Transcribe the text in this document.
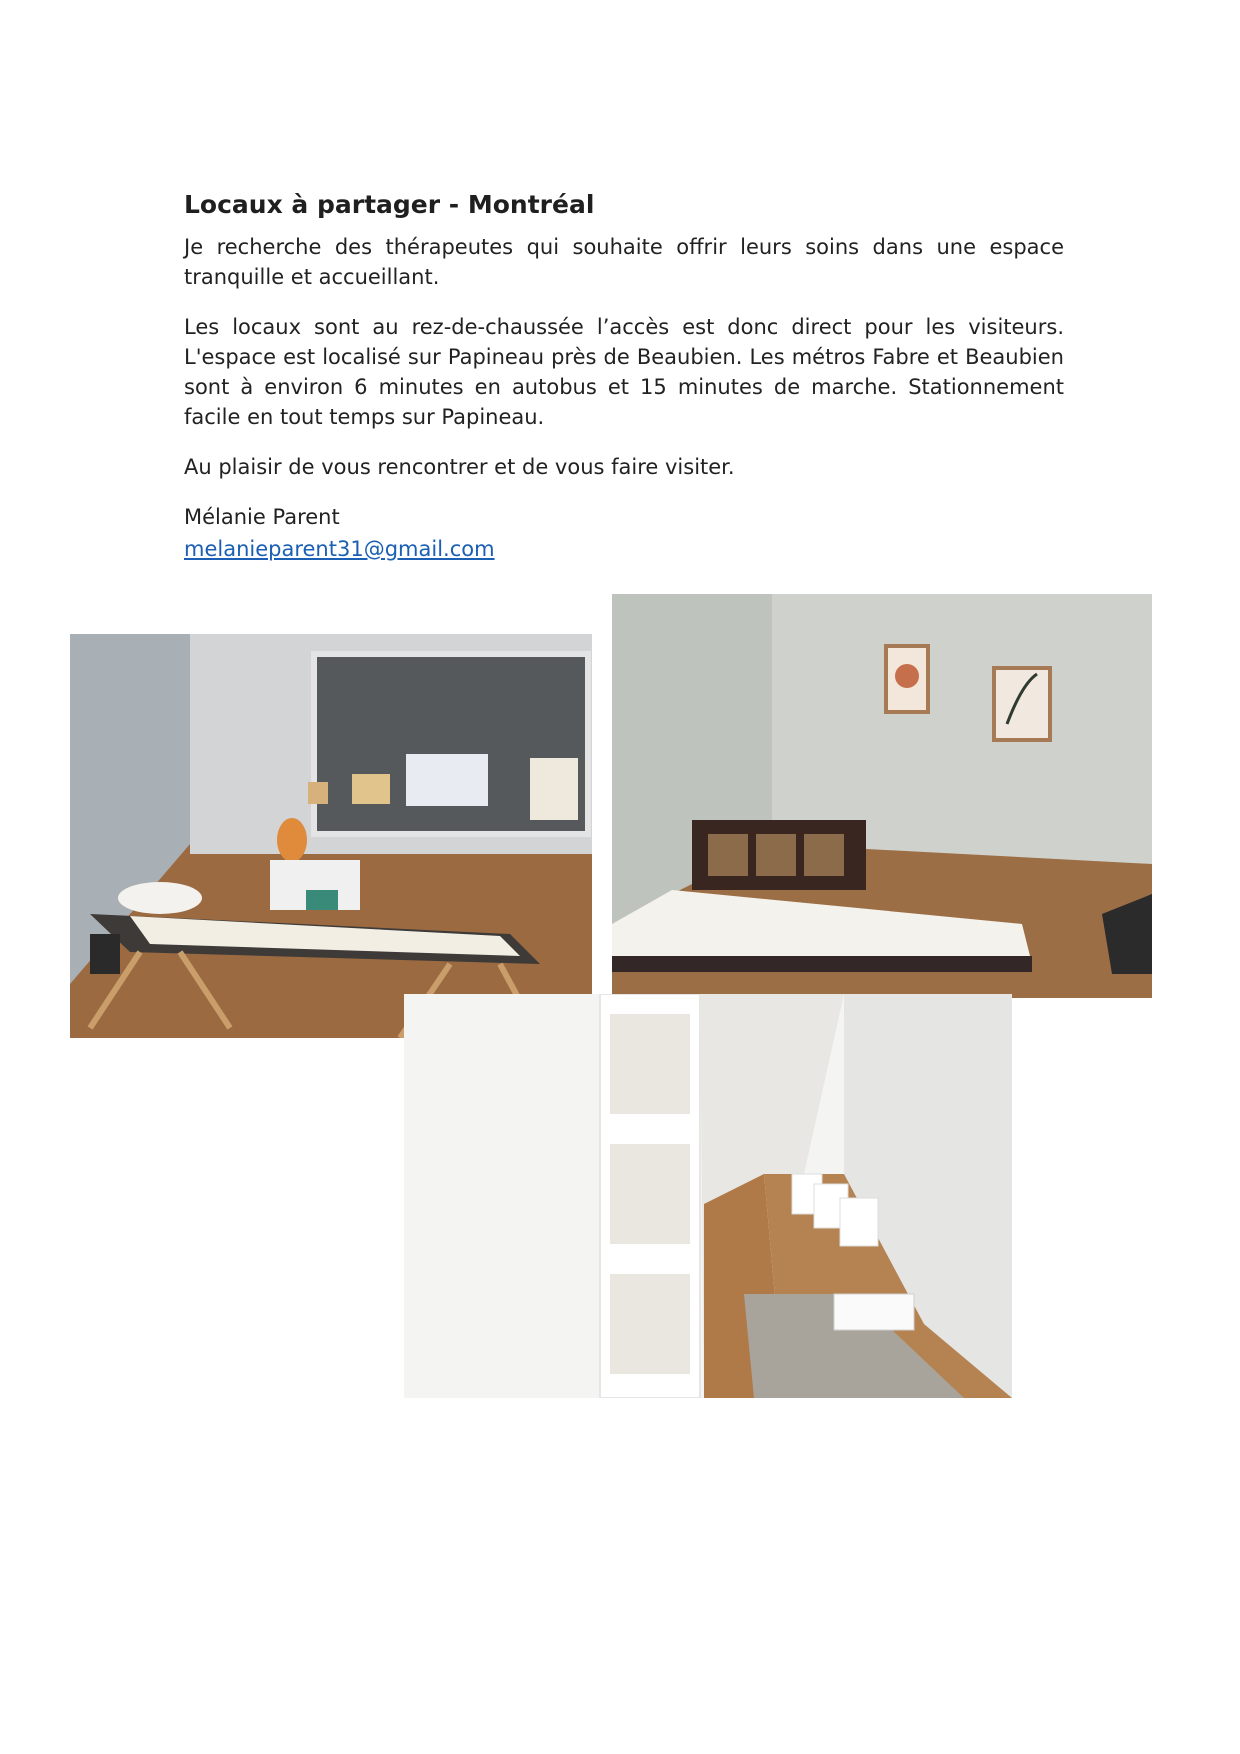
Locaux à partager - Montréal

Je recherche des thérapeutes qui souhaite offrir leurs soins dans une espace tranquille et accueillant.

Les locaux sont au rez-de-chaussée l’accès est donc direct pour les visiteurs. L'espace est localisé sur Papineau près de Beaubien. Les métros Fabre et Beaubien sont à environ 6 minutes en autobus et 15 minutes de marche. Stationnement facile en tout temps sur Papineau.

Au plaisir de vous rencontrer et de vous faire visiter.

Mélanie Parent

melanieparent31@gmail.com
